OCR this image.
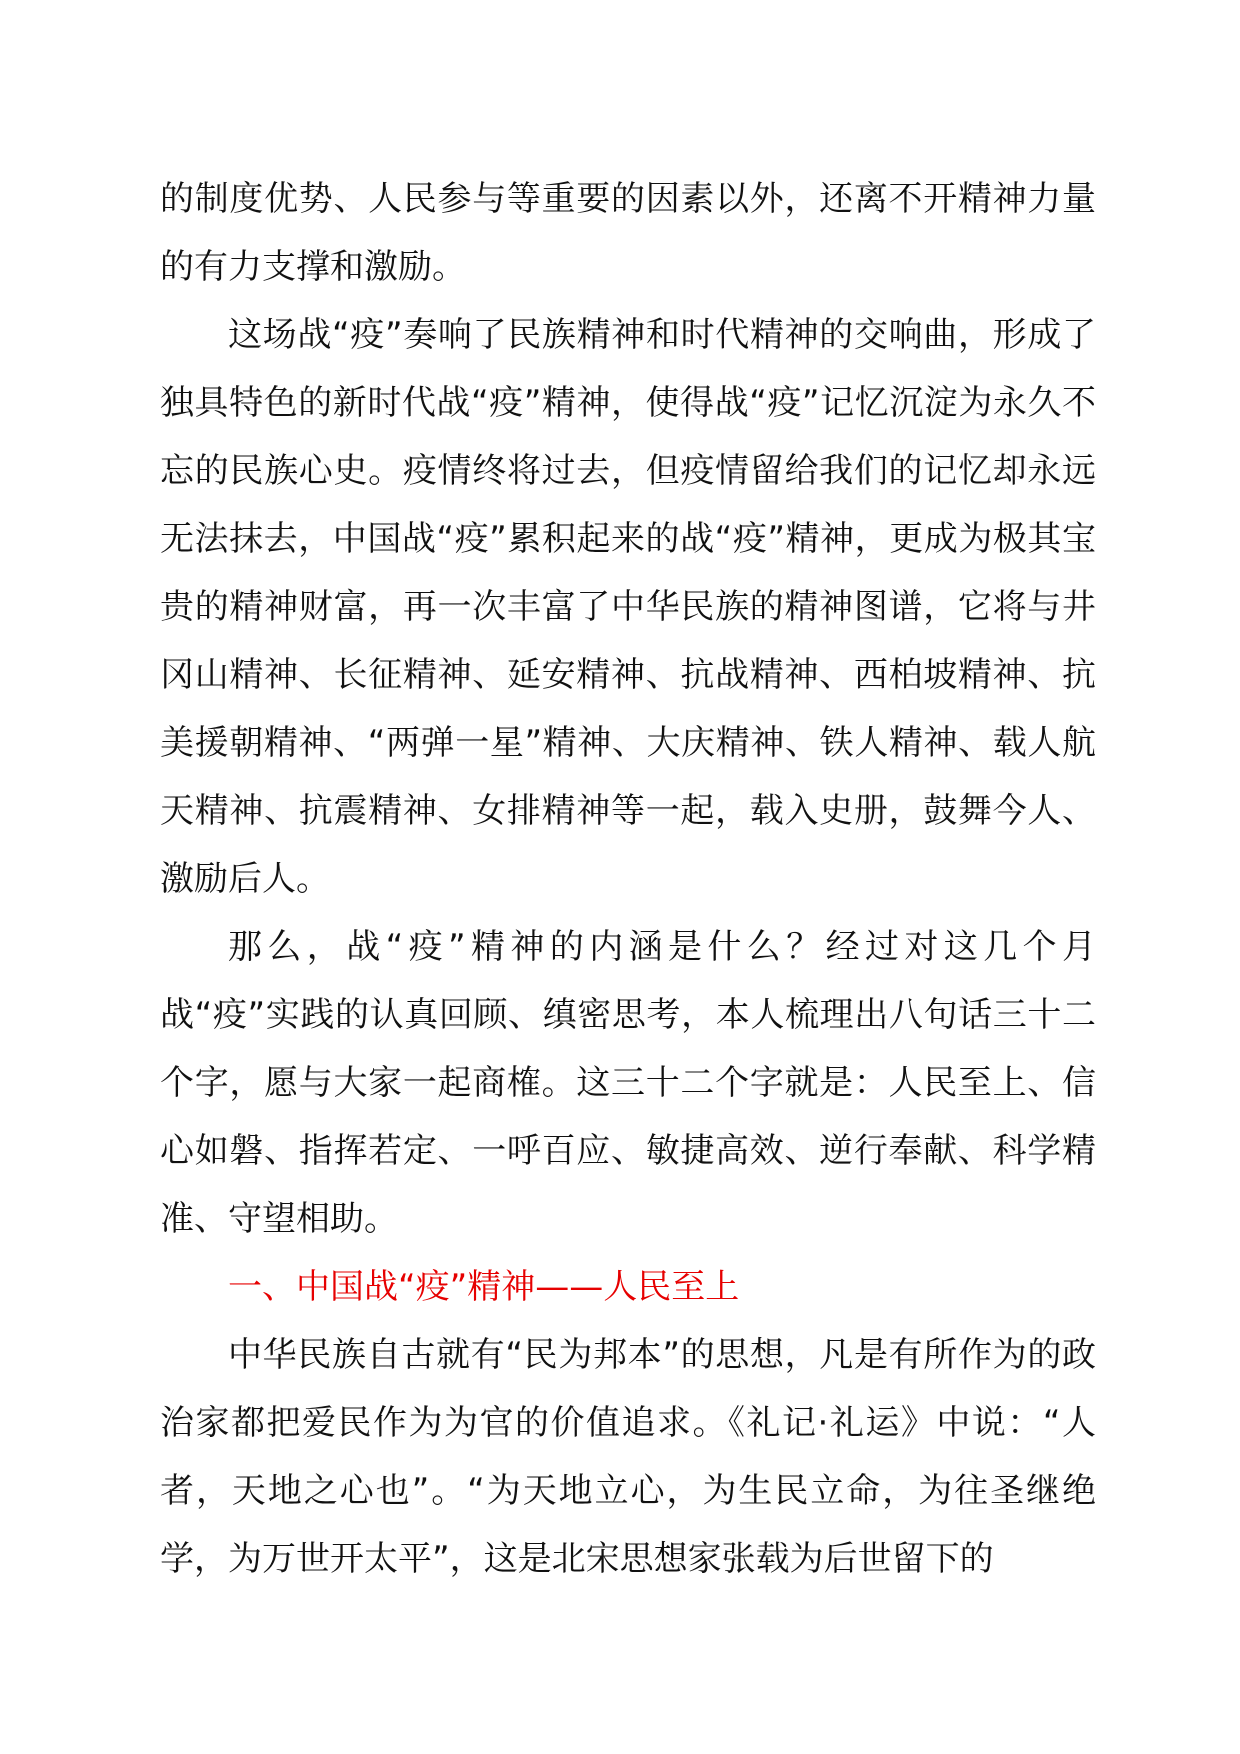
的制度优势、人民参与等重要的因素以外，还离不开精神力量的有力支撑和激励。

这场战“疫”奏响了民族精神和时代精神的交响曲，形成了独具特色的新时代战“疫”精神，使得战“疫”记忆沉淀为永久不忘的民族心史。疫情终将过去，但疫情留给我们的记忆却永远无法抹去，中国战“疫”累积起来的战“疫”精神，更成为极其宝贵的精神财富，再一次丰富了中华民族的精神图谱，它将与井冈山精神、长征精神、延安精神、抗战精神、西柏坡精神、抗美援朝精神、“两弹一星”精神、大庆精神、铁人精神、载人航天精神、抗震精神、女排精神等一起，载入史册，鼓舞今人、激励后人。

那么，战“疫”精神的内涵是什么？经过对这几个月战“疫”实践的认真回顾、缜密思考，本人梳理出八句话三十二个字，愿与大家一起商榷。这三十二个字就是：人民至上、信心如磐、指挥若定、一呼百应、敏捷高效、逆行奉献、科学精准、守望相助。

一、中国战“疫”精神——人民至上

中华民族自古就有“民为邦本”的思想，凡是有所作为的政治家都把爱民作为为官的价值追求。《礼记·礼运》中说：“人者，天地之心也”。“为天地立心，为生民立命，为往圣继绝学，为万世开太平”，这是北宋思想家张载为后世留下的
